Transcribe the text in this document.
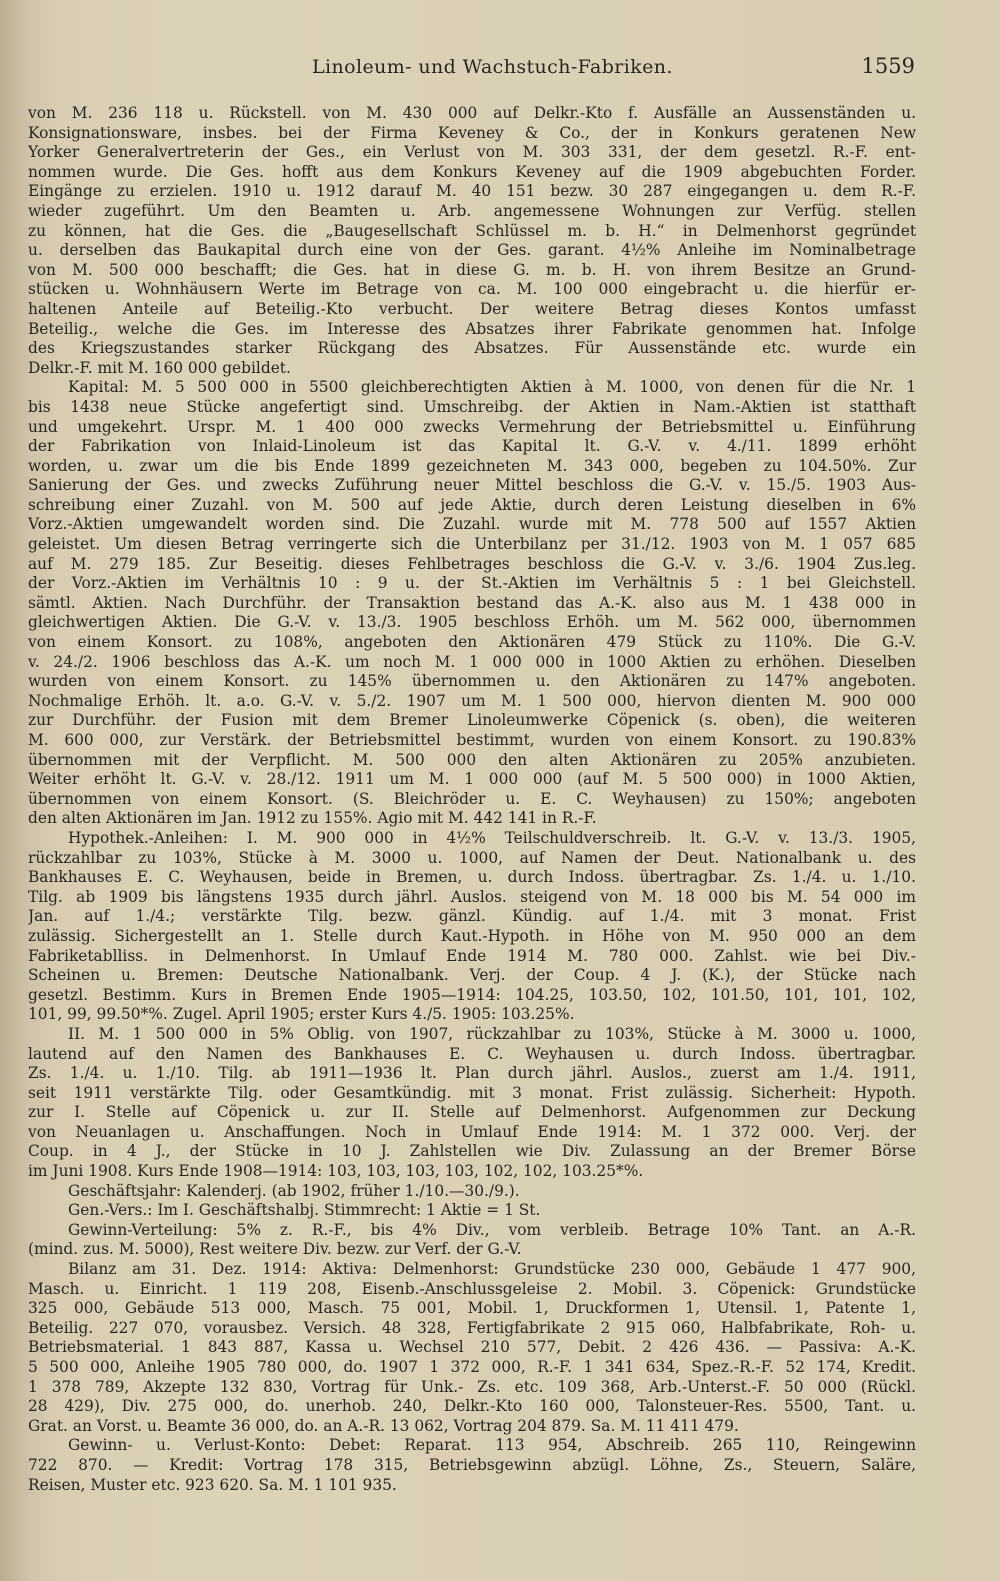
Linoleum- und Wachstuch-Fabriken.	1559
von M. 236 118 u. Rückstell. von M. 430 000 auf Delkr.-Kto f. Ausfälle an Aussenständen u.
Konsignationsware, insbes. bei der Firma Keveney & Co., der in Konkurs geratenen New
Yorker Generalvertreterin der Ges., ein Verlust von M. 303 331, der dem gesetzl. R.-F. ent-
nommen wurde. Die Ges. hofft aus dem Konkurs Keveney auf die 1909 abgebuchten Forder.
Eingänge zu erzielen. 1910 u. 1912 darauf M. 40 151 bezw. 30 287 eingegangen u. dem R.-F.
wieder zugeführt. Um den Beamten u. Arb. angemessene Wohnungen zur Verfüg. stellen
zu können, hat die Ges. die „Baugesellschaft Schlüssel m. b. H.“ in Delmenhorst gegründet
u. derselben das Baukapital durch eine von der Ges. garant. 4½% Anleihe im Nominalbetrage
von M. 500 000 beschafft; die Ges. hat in diese G. m. b. H. von ihrem Besitze an Grund-
stücken u. Wohnhäusern Werte im Betrage von ca. M. 100 000 eingebracht u. die hierfür er-
haltenen Anteile auf Beteilig.-Kto verbucht. Der weitere Betrag dieses Kontos umfasst
Beteilig., welche die Ges. im Interesse des Absatzes ihrer Fabrikate genommen hat. Infolge
des Kriegszustandes starker Rückgang des Absatzes. Für Aussenstände etc. wurde ein
Delkr.-F. mit M. 160 000 gebildet.
Kapital: M. 5 500 000 in 5500 gleichberechtigten Aktien à M. 1000, von denen für die Nr. 1
bis 1438 neue Stücke angefertigt sind. Umschreibg. der Aktien in Nam.-Aktien ist statthaft
und umgekehrt. Urspr. M. 1 400 000 zwecks Vermehrung der Betriebsmittel u. Einführung
der Fabrikation von Inlaid-Linoleum ist das Kapital lt. G.-V. v. 4./11. 1899 erhöht
worden, u. zwar um die bis Ende 1899 gezeichneten M. 343 000, begeben zu 104.50%. Zur
Sanierung der Ges. und zwecks Zuführung neuer Mittel beschloss die G.-V. v. 15./5. 1903 Aus-
schreibung einer Zuzahl. von M. 500 auf jede Aktie, durch deren Leistung dieselben in 6%
Vorz.-Aktien umgewandelt worden sind. Die Zuzahl. wurde mit M. 778 500 auf 1557 Aktien
geleistet. Um diesen Betrag verringerte sich die Unterbilanz per 31./12. 1903 von M. 1 057 685
auf M. 279 185. Zur Beseitig. dieses Fehlbetrages beschloss die G.-V. v. 3./6. 1904 Zus.leg.
der Vorz.-Aktien im Verhältnis 10 : 9 u. der St.-Aktien im Verhältnis 5 : 1 bei Gleichstell.
sämtl. Aktien. Nach Durchführ. der Transaktion bestand das A.-K. also aus M. 1 438 000 in
gleichwertigen Aktien. Die G.-V. v. 13./3. 1905 beschloss Erhöh. um M. 562 000, übernommen
von einem Konsort. zu 108%, angeboten den Aktionären 479 Stück zu 110%. Die G.-V.
v. 24./2. 1906 beschloss das A.-K. um noch M. 1 000 000 in 1000 Aktien zu erhöhen. Dieselben
wurden von einem Konsort. zu 145% übernommen u. den Aktionären zu 147% angeboten.
Nochmalige Erhöh. lt. a.o. G.-V. v. 5./2. 1907 um M. 1 500 000, hiervon dienten M. 900 000
zur Durchführ. der Fusion mit dem Bremer Linoleumwerke Cöpenick (s. oben), die weiteren
M. 600 000, zur Verstärk. der Betriebsmittel bestimmt, wurden von einem Konsort. zu 190.83%
übernommen mit der Verpflicht. M. 500 000 den alten Aktionären zu 205% anzubieten.
Weiter erhöht lt. G.-V. v. 28./12. 1911 um M. 1 000 000 (auf M. 5 500 000) in 1000 Aktien,
übernommen von einem Konsort. (S. Bleichröder u. E. C. Weyhausen) zu 150%; angeboten
den alten Aktionären im Jan. 1912 zu 155%. Agio mit M. 442 141 in R.-F.
Hypothek.-Anleihen: I. M. 900 000 in 4½% Teilschuldverschreib. lt. G.-V. v. 13./3. 1905,
rückzahlbar zu 103%, Stücke à M. 3000 u. 1000, auf Namen der Deut. Nationalbank u. des
Bankhauses E. C. Weyhausen, beide in Bremen, u. durch Indoss. übertragbar. Zs. 1./4. u. 1./10.
Tilg. ab 1909 bis längstens 1935 durch jährl. Auslos. steigend von M. 18 000 bis M. 54 000 im
Jan. auf 1./4.; verstärkte Tilg. bezw. gänzl. Kündig. auf 1./4. mit 3 monat. Frist
zulässig. Sichergestellt an 1. Stelle durch Kaut.-Hypoth. in Höhe von M. 950 000 an dem
Fabriketablliss. in Delmenhorst. In Umlauf Ende 1914 M. 780 000. Zahlst. wie bei Div.-
Scheinen u. Bremen: Deutsche Nationalbank. Verj. der Coup. 4 J. (K.), der Stücke nach
gesetzl. Bestimm. Kurs in Bremen Ende 1905—1914: 104.25, 103.50, 102, 101.50, 101, 101, 102,
101, 99, 99.50*%. Zugel. April 1905; erster Kurs 4./5. 1905: 103.25%.
II. M. 1 500 000 in 5% Oblig. von 1907, rückzahlbar zu 103%, Stücke à M. 3000 u. 1000,
lautend auf den Namen des Bankhauses E. C. Weyhausen u. durch Indoss. übertragbar.
Zs. 1./4. u. 1./10. Tilg. ab 1911—1936 lt. Plan durch jährl. Auslos., zuerst am 1./4. 1911,
seit 1911 verstärkte Tilg. oder Gesamtkündig. mit 3 monat. Frist zulässig. Sicherheit: Hypoth.
zur I. Stelle auf Cöpenick u. zur II. Stelle auf Delmenhorst. Aufgenommen zur Deckung
von Neuanlagen u. Anschaffungen. Noch in Umlauf Ende 1914: M. 1 372 000. Verj. der
Coup. in 4 J., der Stücke in 10 J. Zahlstellen wie Div. Zulassung an der Bremer Börse
im Juni 1908. Kurs Ende 1908—1914: 103, 103, 103, 103, 102, 102, 103.25*%.
Geschäftsjahr: Kalenderj. (ab 1902, früher 1./10.—30./9.).
Gen.-Vers.: Im I. Geschäftshalbj. Stimmrecht: 1 Aktie = 1 St.
Gewinn-Verteilung: 5% z. R.-F., bis 4% Div., vom verbleib. Betrage 10% Tant. an A.-R.
(mind. zus. M. 5000), Rest weitere Div. bezw. zur Verf. der G.-V.
Bilanz am 31. Dez. 1914: Aktiva: Delmenhorst: Grundstücke 230 000, Gebäude 1 477 900,
Masch. u. Einricht. 1 119 208, Eisenb.-Anschlussgeleise 2. Mobil. 3. Cöpenick: Grundstücke
325 000, Gebäude 513 000, Masch. 75 001, Mobil. 1, Druckformen 1, Utensil. 1, Patente 1,
Beteilig. 227 070, vorausbez. Versich. 48 328, Fertigfabrikate 2 915 060, Halbfabrikate, Roh- u.
Betriebsmaterial. 1 843 887, Kassa u. Wechsel 210 577, Debit. 2 426 436. — Passiva: A.-K.
5 500 000, Anleihe 1905 780 000, do. 1907 1 372 000, R.-F. 1 341 634, Spez.-R.-F. 52 174, Kredit.
1 378 789, Akzepte 132 830, Vortrag für Unk.- Zs. etc. 109 368, Arb.-Unterst.-F. 50 000 (Rückl.
28 429), Div. 275 000, do. unerhob. 240, Delkr.-Kto 160 000, Talonsteuer-Res. 5500, Tant. u.
Grat. an Vorst. u. Beamte 36 000, do. an A.-R. 13 062, Vortrag 204 879. Sa. M. 11 411 479.
Gewinn- u. Verlust-Konto: Debet: Reparat. 113 954, Abschreib. 265 110, Reingewinn
722 870. — Kredit: Vortrag 178 315, Betriebsgewinn abzügl. Löhne, Zs., Steuern, Saläre,
Reisen, Muster etc. 923 620. Sa. M. 1 101 935.
